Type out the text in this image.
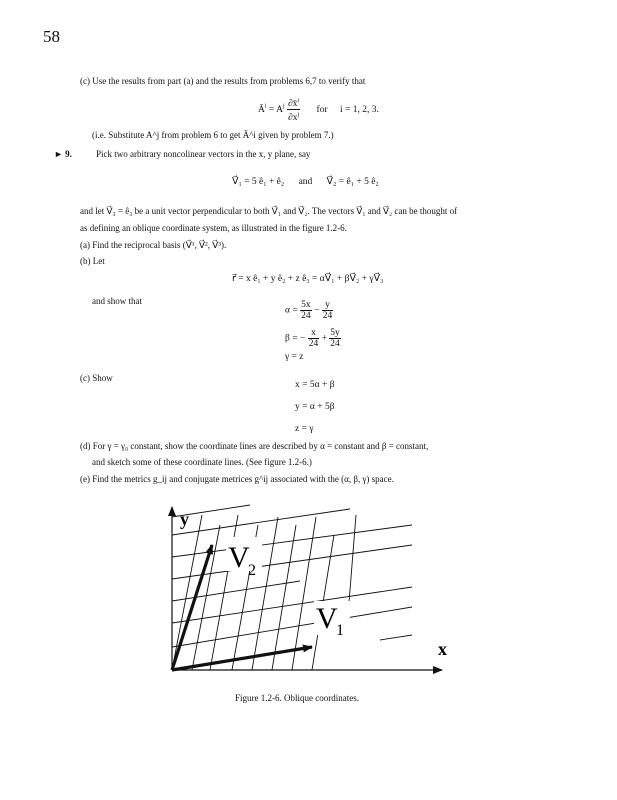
58
(c) Use the results from part (a) and the results from problems 6,7 to verify that
$Ā^i = A^j \frac{\partial x̄^i}{\partial x^j}$ for i = 1, 2, 3.
(i.e. Substitute A^j from problem 6 to get Ā^i given by problem 7.)
► 9.	Pick two arbitrary noncolinear vectors in the x, y plane, say
V⃗₁ = 5 ê₁ + ê₂ and V⃗₂ = ê₁ + 5 ê₂
and let V⃗₃ = ê₃ be a unit vector perpendicular to both V⃗₁ and V⃗₂. The vectors V⃗₁ and V⃗₂ can be thought of
as defining an oblique coordinate system, as illustrated in the figure 1.2-6.
(a) Find the reciprocal basis (V⃗¹, V⃗², V⃗³).
(b) Let
r⃗ = x ê₁ + y ê₂ + z ê₃ = αV⃗₁ + βV⃗₂ + γV⃗₃
and show that
$\alpha = \frac{5x}{24} - \frac{y}{24}$
β = − $\frac{x}{24} + \frac{5y}{24}$
γ = z
(c) Show
x = 5α + β
y = α + 5β
z = γ
(d) For γ = γ₀ constant, show the coordinate lines are described by α = constant and β = constant,
and sketch some of these coordinate lines. (See figure 1.2-6.)
(e) Find the metrics g_ij and conjugate metrices g^ij associated with the (α, β, γ) space.
V
2
V
1
y
x
Figure 1.2-6. Oblique coordinates.
